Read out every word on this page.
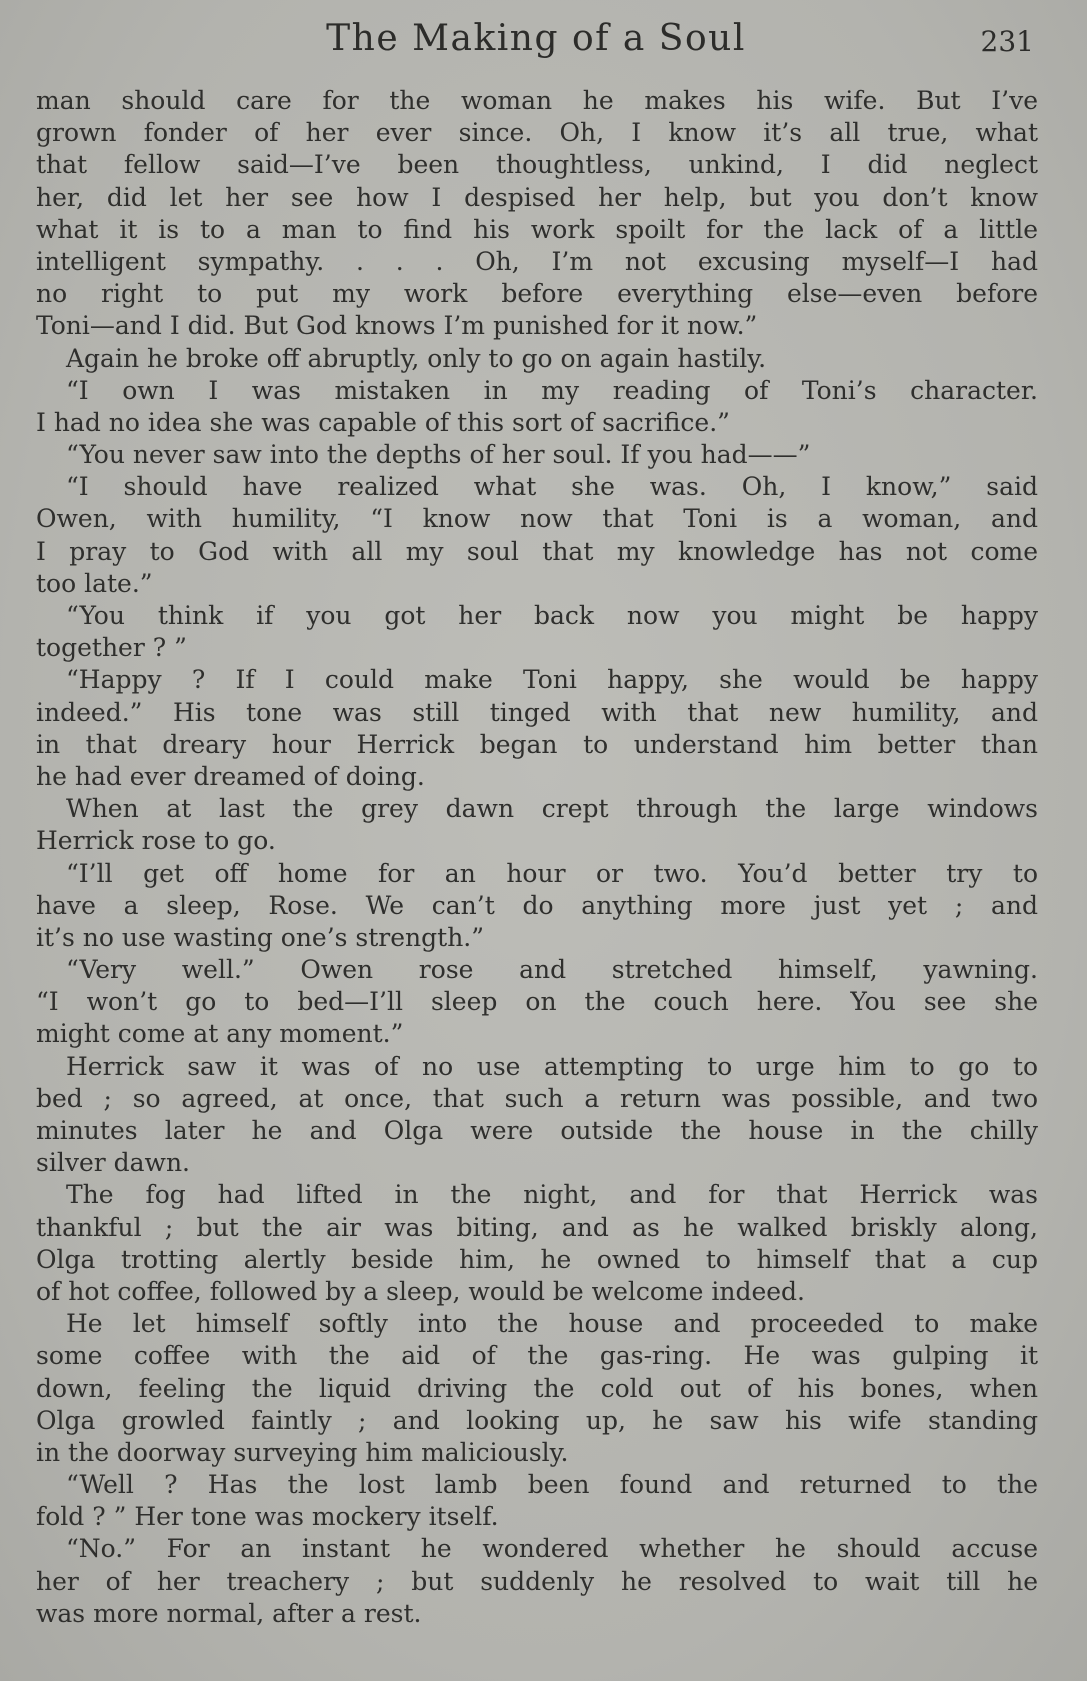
The Making of a Soul	231
man should care for the woman he makes his wife. But I’ve
grown fonder of her ever since. Oh, I know it’s all true, what
that fellow said—I’ve been thoughtless, unkind, I did neglect
her, did let her see how I despised her help, but you don’t know
what it is to a man to find his work spoilt for the lack of a little
intelligent sympathy. . . . Oh, I’m not excusing myself—I had
no right to put my work before everything else—even before
Toni—and I did. But God knows I’m punished for it now.”
Again he broke off abruptly, only to go on again hastily.
“I own I was mistaken in my reading of Toni’s character.
I had no idea she was capable of this sort of sacrifice.”
“You never saw into the depths of her soul. If you had——”
“I should have realized what she was. Oh, I know,” said
Owen, with humility, “I know now that Toni is a woman, and
I pray to God with all my soul that my knowledge has not come
too late.”
“You think if you got her back now you might be happy
together ? ”
“Happy ? If I could make Toni happy, she would be happy
indeed.” His tone was still tinged with that new humility, and
in that dreary hour Herrick began to understand him better than
he had ever dreamed of doing.
When at last the grey dawn crept through the large windows
Herrick rose to go.
“I’ll get off home for an hour or two. You’d better try to
have a sleep, Rose. We can’t do anything more just yet ; and
it’s no use wasting one’s strength.”
“Very well.” Owen rose and stretched himself, yawning.
“I won’t go to bed—I’ll sleep on the couch here. You see she
might come at any moment.”
Herrick saw it was of no use attempting to urge him to go to
bed ; so agreed, at once, that such a return was possible, and two
minutes later he and Olga were outside the house in the chilly
silver dawn.
The fog had lifted in the night, and for that Herrick was
thankful ; but the air was biting, and as he walked briskly along,
Olga trotting alertly beside him, he owned to himself that a cup
of hot coffee, followed by a sleep, would be welcome indeed.
He let himself softly into the house and proceeded to make
some coffee with the aid of the gas-ring. He was gulping it
down, feeling the liquid driving the cold out of his bones, when
Olga growled faintly ; and looking up, he saw his wife standing
in the doorway surveying him maliciously.
“Well ? Has the lost lamb been found and returned to the
fold ? ” Her tone was mockery itself.
“No.” For an instant he wondered whether he should accuse
her of her treachery ; but suddenly he resolved to wait till he
was more normal, after a rest.
